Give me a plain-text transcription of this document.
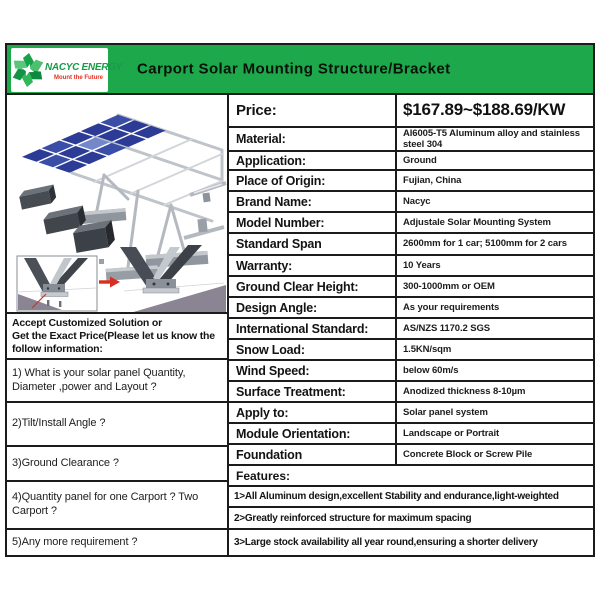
NACYC ENERGY
Mount the Future
Carport Solar Mounting Structure/Bracket
Accept Customized Solution or
Get the Exact Price(Please let us know the follow information:
1) What is your solar panel Quantity, Diameter ,power and Layout ?
2)Tilt/Install Angle ?
3)Ground Clearance ?
4)Quantity panel for one Carport ? Two Carport ?
5)Any more requirement ?
Price:	$167.89~$188.69/KW
Material:	Al6005-T5 Aluminum alloy and stainless steel 304
Application:	Ground
Place of Origin:	Fujian, China
Brand Name:	Nacyc
Model Number:	Adjustale Solar Mounting System
Standard Span	2600mm for 1 car; 5100mm for 2 cars
Warranty:	10 Years
Ground Clear Height:	300-1000mm or OEM
Design Angle:	As your requirements
International Standard:	AS/NZS 1170.2 SGS
Snow Load:	1.5KN/sqm
Wind Speed:	below 60m/s
Surface Treatment:	Anodized thickness 8-10µm
Apply to:	Solar panel system
Module Orientation:	Landscape or Portrait
Foundation	Concrete Block or Screw Pile
Features:
1>All Aluminum design,excellent Stability and endurance,light-weighted
2>Greatly reinforced structure for maximum spacing
3>Large stock availability all year round,ensuring a shorter delivery
